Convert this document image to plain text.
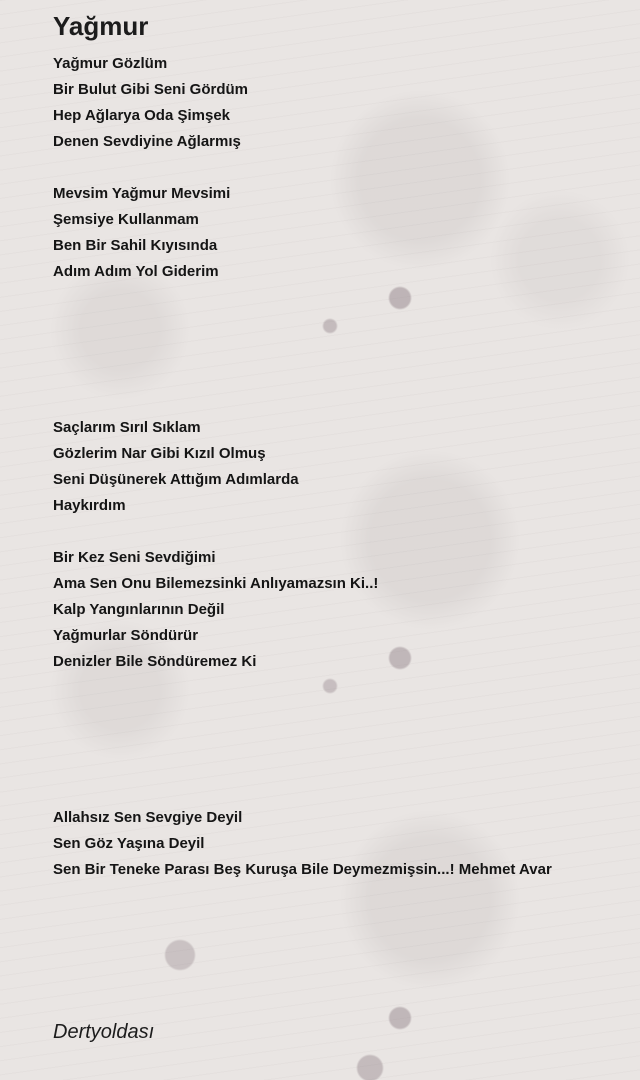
Yağmur
Yağmur Gözlüm
Bir Bulut Gibi Seni Gördüm
Hep Ağlarya Oda Şimşek
Denen Sevdiyine Ağlarmış
Mevsim Yağmur Mevsimi
Şemsiye Kullanmam
Ben Bir Sahil Kıyısında
Adım Adım Yol Giderim
Saçlarım Sırıl Sıklam
Gözlerim Nar Gibi Kızıl Olmuş
Seni Düşünerek Attığım Adımlarda
Haykırdım
Bir Kez Seni Sevdiğimi
Ama Sen Onu Bilemezsinki Anlıyamazsın Ki..!
Kalp Yangınlarının Değil
Yağmurlar Söndürür
Denizler Bile Söndüremez Ki
Allahsız Sen Sevgiye Deyil
Sen Göz Yaşına Deyil
Sen Bir Teneke Parası Beş Kuruşa Bile Deymezmişsin...! Mehmet Avar
Dertyoldası
